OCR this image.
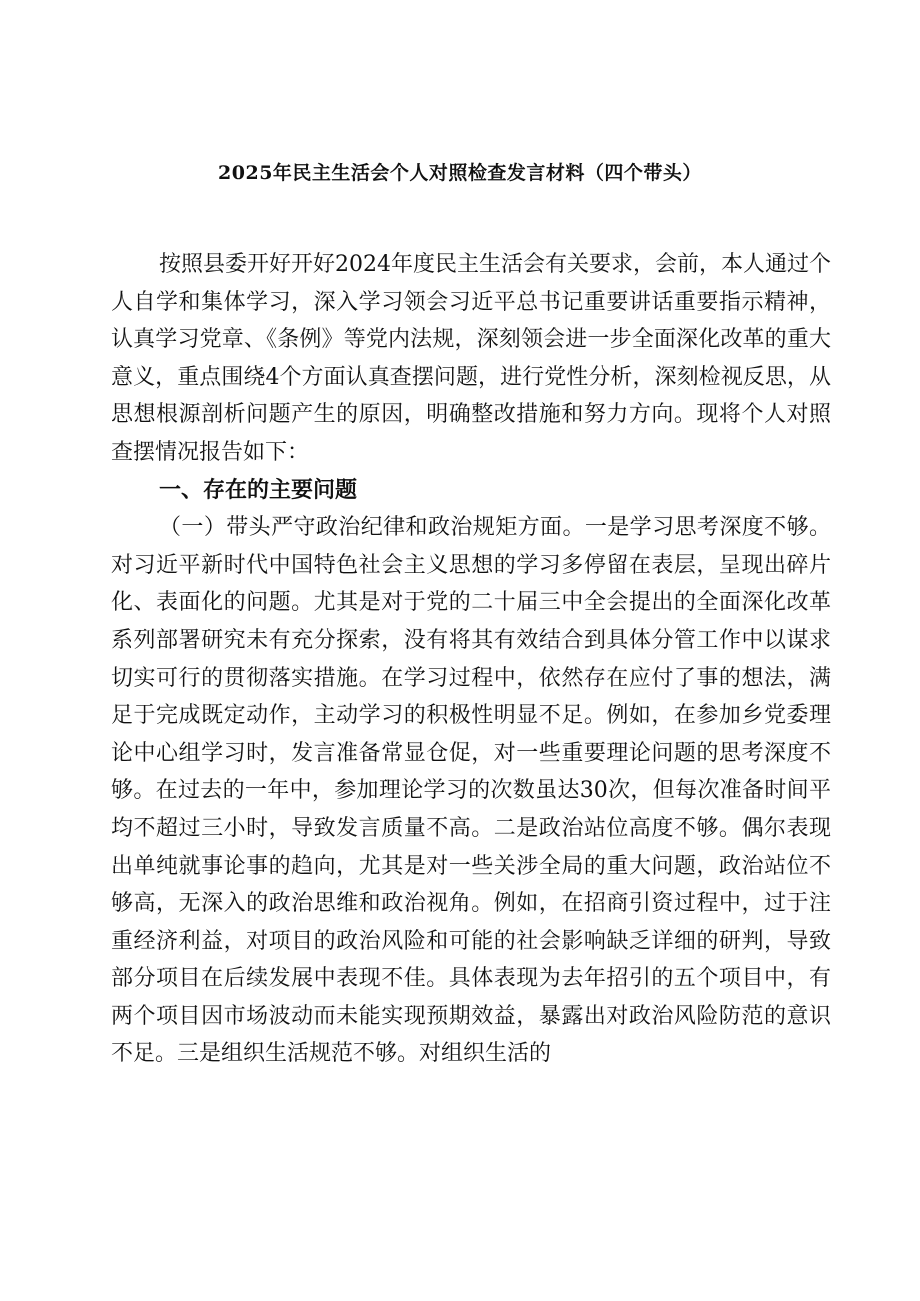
2025年民主生活会个人对照检查发言材料（四个带头）

按照县委开好开好2024年度民主生活会有关要求，会前，本人通过个人自学和集体学习，深入学习领会习近平总书记重要讲话重要指示精神，认真学习党章、《条例》等党内法规，深刻领会进一步全面深化改革的重大意义，重点围绕4个方面认真查摆问题，进行党性分析，深刻检视反思，从思想根源剖析问题产生的原因，明确整改措施和努力方向。现将个人对照查摆情况报告如下：

一、存在的主要问题

（一）带头严守政治纪律和政治规矩方面。一是学习思考深度不够。对习近平新时代中国特色社会主义思想的学习多停留在表层，呈现出碎片化、表面化的问题。尤其是对于党的二十届三中全会提出的全面深化改革系列部署研究未有充分探索，没有将其有效结合到具体分管工作中以谋求切实可行的贯彻落实措施。在学习过程中，依然存在应付了事的想法，满足于完成既定动作，主动学习的积极性明显不足。例如，在参加乡党委理论中心组学习时，发言准备常显仓促，对一些重要理论问题的思考深度不够。在过去的一年中，参加理论学习的次数虽达30次，但每次准备时间平均不超过三小时，导致发言质量不高。二是政治站位高度不够。偶尔表现出单纯就事论事的趋向，尤其是对一些关涉全局的重大问题，政治站位不够高，无深入的政治思维和政治视角。例如，在招商引资过程中，过于注重经济利益，对项目的政治风险和可能的社会影响缺乏详细的研判，导致部分项目在后续发展中表现不佳。具体表现为去年招引的五个项目中，有两个项目因市场波动而未能实现预期效益，暴露出对政治风险防范的意识不足。三是组织生活规范不够。对组织生活的
